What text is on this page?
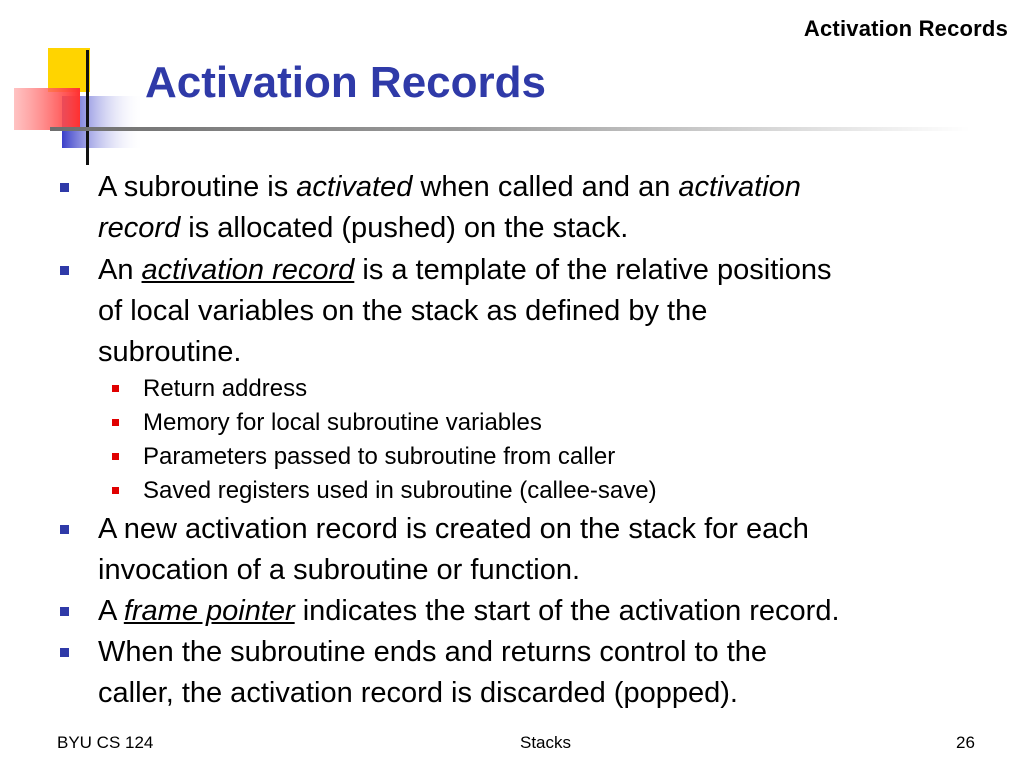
Activation Records
Activation Records
A subroutine is activated when called and an activation
record is allocated (pushed) on the stack.
An activation record is a template of the relative positions
of local variables on the stack as defined by the
subroutine.
Return address
Memory for local subroutine variables
Parameters passed to subroutine from caller
Saved registers used in subroutine (callee-save)
A new activation record is created on the stack for each
invocation of a subroutine or function.
A frame pointer indicates the start of the activation record.
When the subroutine ends and returns control to the
caller, the activation record is discarded (popped).
BYU CS 124	Stacks	26
